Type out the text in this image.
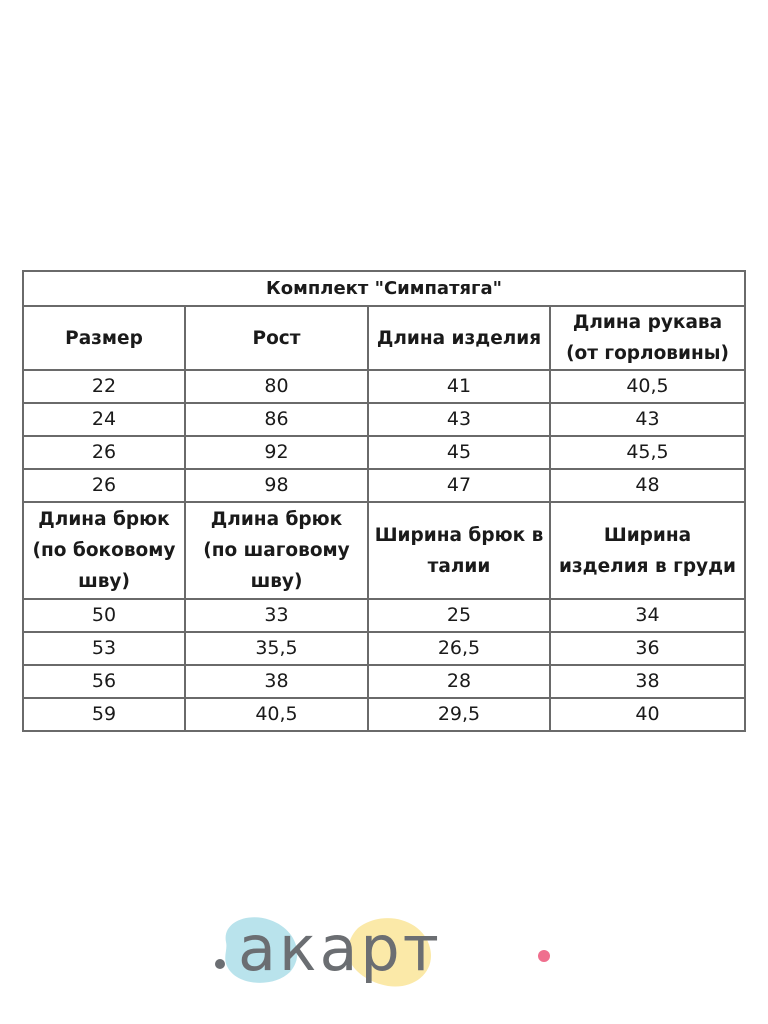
Комплект "Симпатяга"			

Размер	Рост	Длина изделия	Длина рукава
(от горловины)

22	80	41	40,5
24	86	43	43
26	92	45	45,5
26	98	47	48

Длина брюк
(по боковому
шву)	Длина брюк
(по шаговому
шву)	Ширина брюк в
талии	Ширина
изделия в груди

50	33	25	34
53	35,5	26,5	36
56	38	28	38
59	40,5	29,5	40
акарт
